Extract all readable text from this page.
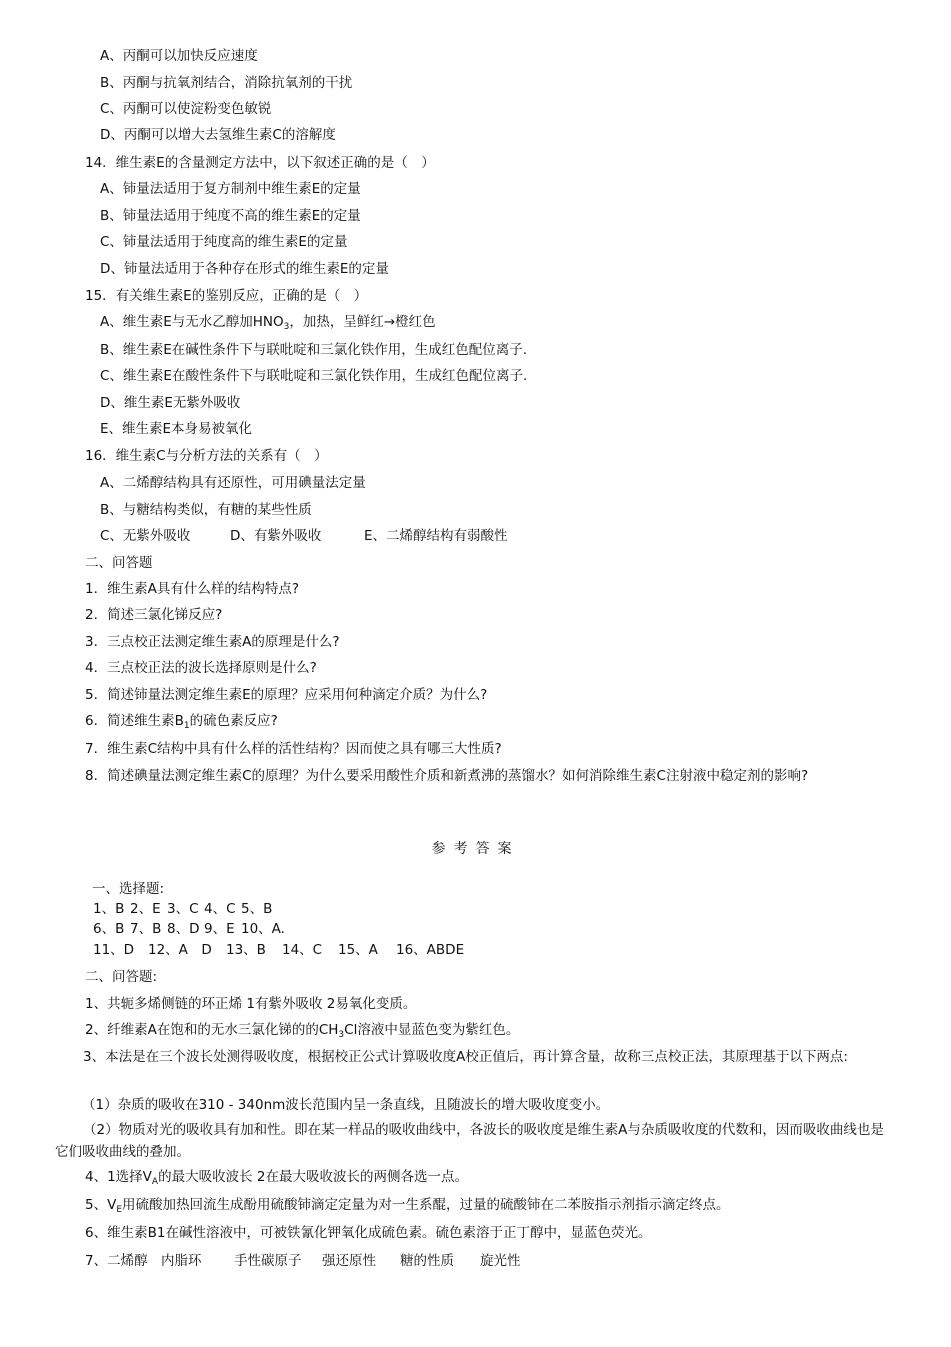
A、丙酮可以加快反应速度
B、丙酮与抗氧剂结合，消除抗氧剂的干扰
C、丙酮可以使淀粉变色敏锐
D、丙酮可以增大去氢维生素C的溶解度
14．维生素E的含量测定方法中，以下叙述正确的是（　）
A、铈量法适用于复方制剂中维生素E的定量
B、铈量法适用于纯度不高的维生素E的定量
C、铈量法适用于纯度高的维生素E的定量
D、铈量法适用于各种存在形式的维生素E的定量
15．有关维生素E的鉴别反应，正确的是（　）
A、维生素E与无水乙醇加$HNO_3$，加热，呈鲜红→橙红色
B、维生素E在碱性条件下与联吡啶和三氯化铁作用，生成红色配位离子.
C、维生素E在酸性条件下与联吡啶和三氯化铁作用，生成红色配位离子.
D、维生素E无紫外吸收
E、维生素E本身易被氧化
16．维生素C与分析方法的关系有（　）
A、二烯醇结构具有还原性，可用碘量法定量
B、与糖结构类似，有糖的某些性质
C、无紫外吸收	D、有紫外吸收	E、二烯醇结构有弱酸性
二、问答题
1．维生素A具有什么样的结构特点?
2．简述三氯化锑反应?
3．三点校正法测定维生素A的原理是什么?
4．三点校正法的波长选择原则是什么?
5．简述铈量法测定维生素E的原理？应采用何种滴定介质？为什么?
6．简述维生素$B_1$的硫色素反应?
7．维生素C结构中具有什么样的活性结构？因而使之具有哪三大性质?
8．简述碘量法测定维生素C的原理？为什么要采用酸性介质和新煮沸的蒸馏水？如何消除维生素C注射液中稳定剂的影响?
参考答案
一、选择题:
1、B 2、E 3、C 4、C 5、B
6、B 7、B 8、D 9、E 10、A.
11、D 12、A　D 13、B 14、C 15、A 16、ABDE
二、问答题:
1、共轭多烯侧链的环正烯 1有紫外吸收 2易氧化变质。
2、纤维素A在饱和的无水三氯化锑的的$CH_3Cl$溶液中显蓝色变为紫红色。
3、本法是在三个波长处测得吸收度，根据校正公式计算吸收度A校正值后，再计算含量，故称三点校正法，其原理基于以下两点:
（1）杂质的吸收在310 - 340nm波长范围内呈一条直线，且随波长的增大吸收度变小。
（2）物质对光的吸收具有加和性。即在某一样品的吸收曲线中，各波长的吸收度是维生素A与杂质吸收度的代数和，因而吸收曲线也是它们吸收曲线的叠加。
4、1选择$V_A$的最大吸收波长 2在最大吸收波长的两侧各选一点。
5、$V_E$用硫酸加热回流生成酚用硫酸铈滴定定量为对一生系醌，过量的硫酸铈在二苯胺指示剂指示滴定终点。
6、维生素B1在碱性溶液中，可被铁氰化钾氧化成硫色素。硫色素溶于正丁醇中，显蓝色荧光。
7、二烯醇 内脂环 手性碳原子 强还原性 糖的性质 旋光性
